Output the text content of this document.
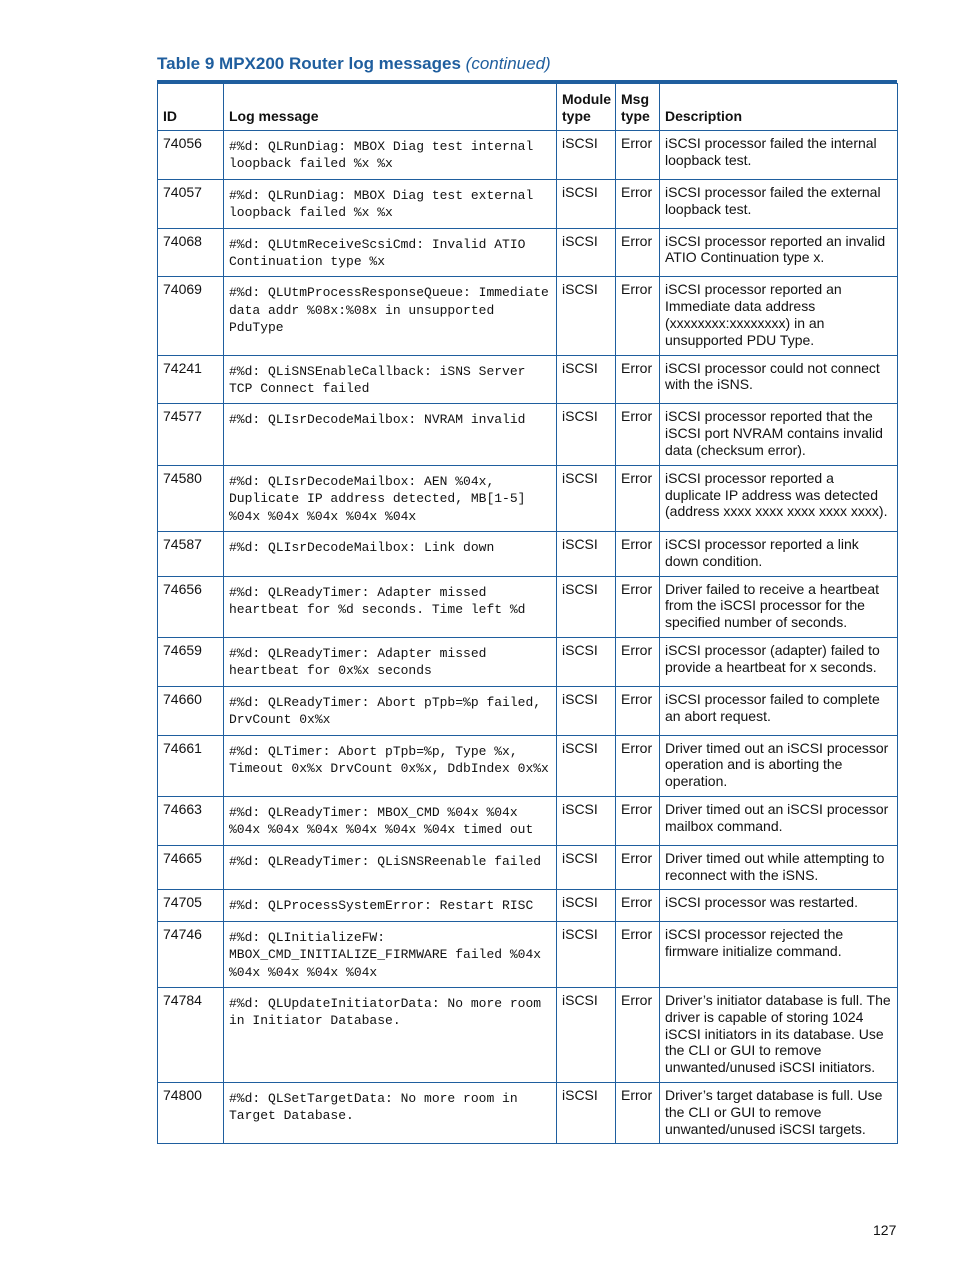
Table 9 MPX200 Router log messages (continued)
ID	Log message	Module type	Msg type	Description
74056	#%d: QLRunDiag: MBOX Diag test internal loopback failed %x %x	iSCSI	Error	iSCSI processor failed the internal loopback test.
74057	#%d: QLRunDiag: MBOX Diag test external loopback failed %x %x	iSCSI	Error	iSCSI processor failed the external loopback test.
74068	#%d: QLUtmReceiveScsiCmd: Invalid ATIO Continuation type %x	iSCSI	Error	iSCSI processor reported an invalid ATIO Continuation type x.
74069	#%d: QLUtmProcessResponseQueue: Immediate data addr %08x:%08x in unsupported PduType	iSCSI	Error	iSCSI processor reported an Immediate data address (xxxxxxxx:xxxxxxxx) in an unsupported PDU Type.
74241	#%d: QLiSNSEnableCallback: iSNS Server TCP Connect failed	iSCSI	Error	iSCSI processor could not connect with the iSNS.
74577	#%d: QLIsrDecodeMailbox: NVRAM invalid	iSCSI	Error	iSCSI processor reported that the iSCSI port NVRAM contains invalid data (checksum error).
74580	#%d: QLIsrDecodeMailbox: AEN %04x, Duplicate IP address detected, MB[1-5] %04x %04x %04x %04x %04x	iSCSI	Error	iSCSI processor reported a duplicate IP address was detected (address xxxx xxxx xxxx xxxx xxxx).
74587	#%d: QLIsrDecodeMailbox: Link down	iSCSI	Error	iSCSI processor reported a link down condition.
74656	#%d: QLReadyTimer: Adapter missed heartbeat for %d seconds. Time left %d	iSCSI	Error	Driver failed to receive a heartbeat from the iSCSI processor for the specified number of seconds.
74659	#%d: QLReadyTimer: Adapter missed heartbeat for 0x%x seconds	iSCSI	Error	iSCSI processor (adapter) failed to provide a heartbeat for x seconds.
74660	#%d: QLReadyTimer: Abort pTpb=%p failed, DrvCount 0x%x	iSCSI	Error	iSCSI processor failed to complete an abort request.
74661	#%d: QLTimer: Abort pTpb=%p, Type %x, Timeout 0x%x DrvCount 0x%x, DdbIndex 0x%x	iSCSI	Error	Driver timed out an iSCSI processor operation and is aborting the operation.
74663	#%d: QLReadyTimer: MBOX_CMD %04x %04x %04x %04x %04x %04x %04x %04x timed out	iSCSI	Error	Driver timed out an iSCSI processor mailbox command.
74665	#%d: QLReadyTimer: QLiSNSReenable failed	iSCSI	Error	Driver timed out while attempting to reconnect with the iSNS.
74705	#%d: QLProcessSystemError: Restart RISC	iSCSI	Error	iSCSI processor was restarted.
74746	#%d: QLInitializeFW: MBOX_CMD_INITIALIZE_FIRMWARE failed %04x %04x %04x %04x %04x	iSCSI	Error	iSCSI processor rejected the firmware initialize command.
74784	#%d: QLUpdateInitiatorData: No more room in Initiator Database.	iSCSI	Error	Driver’s initiator database is full. The driver is capable of storing 1024 iSCSI initiators in its database. Use the CLI or GUI to remove unwanted/unused iSCSI initiators.
74800	#%d: QLSetTargetData: No more room in Target Database.	iSCSI	Error	Driver’s target database is full. Use the CLI or GUI to remove unwanted/unused iSCSI targets.
127
